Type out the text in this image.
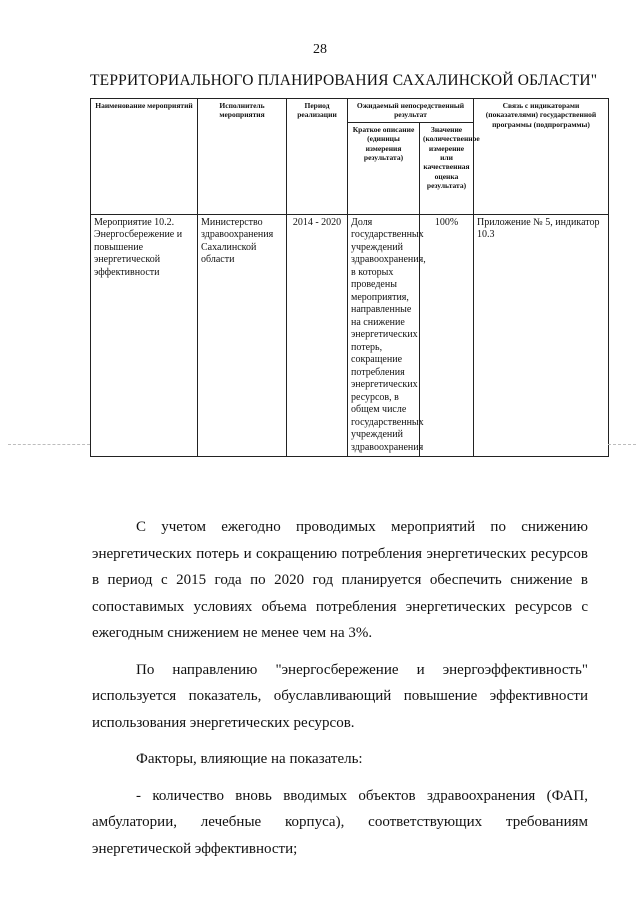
28
ТЕРРИТОРИАЛЬНОГО ПЛАНИРОВАНИЯ САХАЛИНСКОЙ ОБЛАСТИ"
Наименование мероприятий	Исполнитель мероприятия	Период реализации	Ожидаемый непосредственный результат		Связь с индикаторами (показателями) государственной программы (подпрограммы)
			Краткое описание (единицы измерения результата)	Значение (количественное измерение или качественная оценка результата)	
Мероприятие 10.2. Энергосбережение и повышение энергетической эффективности	Министерство здравоохранения Сахалинской области	2014 - 2020	Доля государственных учреждений здравоохранения, в которых проведены мероприятия, направленные на снижение энергетических потерь, сокращение потребления энергетических ресурсов, в общем числе государственных учреждений здравоохранения	100%	Приложение № 5, индикатор 10.3

С учетом ежегодно проводимых мероприятий по снижению энергетических потерь и сокращению потребления энергетических ресурсов в период с 2015 года по 2020 год планируется обеспечить снижение в сопоставимых условиях объема потребления энергетических ресурсов с ежегодным снижением не менее чем на 3%.

По направлению "энергосбережение и энергоэффективность" используется показатель, обуславливающий повышение эффективности использования энергетических ресурсов.

Факторы, влияющие на показатель:

- количество вновь вводимых объектов здравоохранения (ФАП, амбулатории, лечебные корпуса), соответствующих требованиям энергетической эффективности;
